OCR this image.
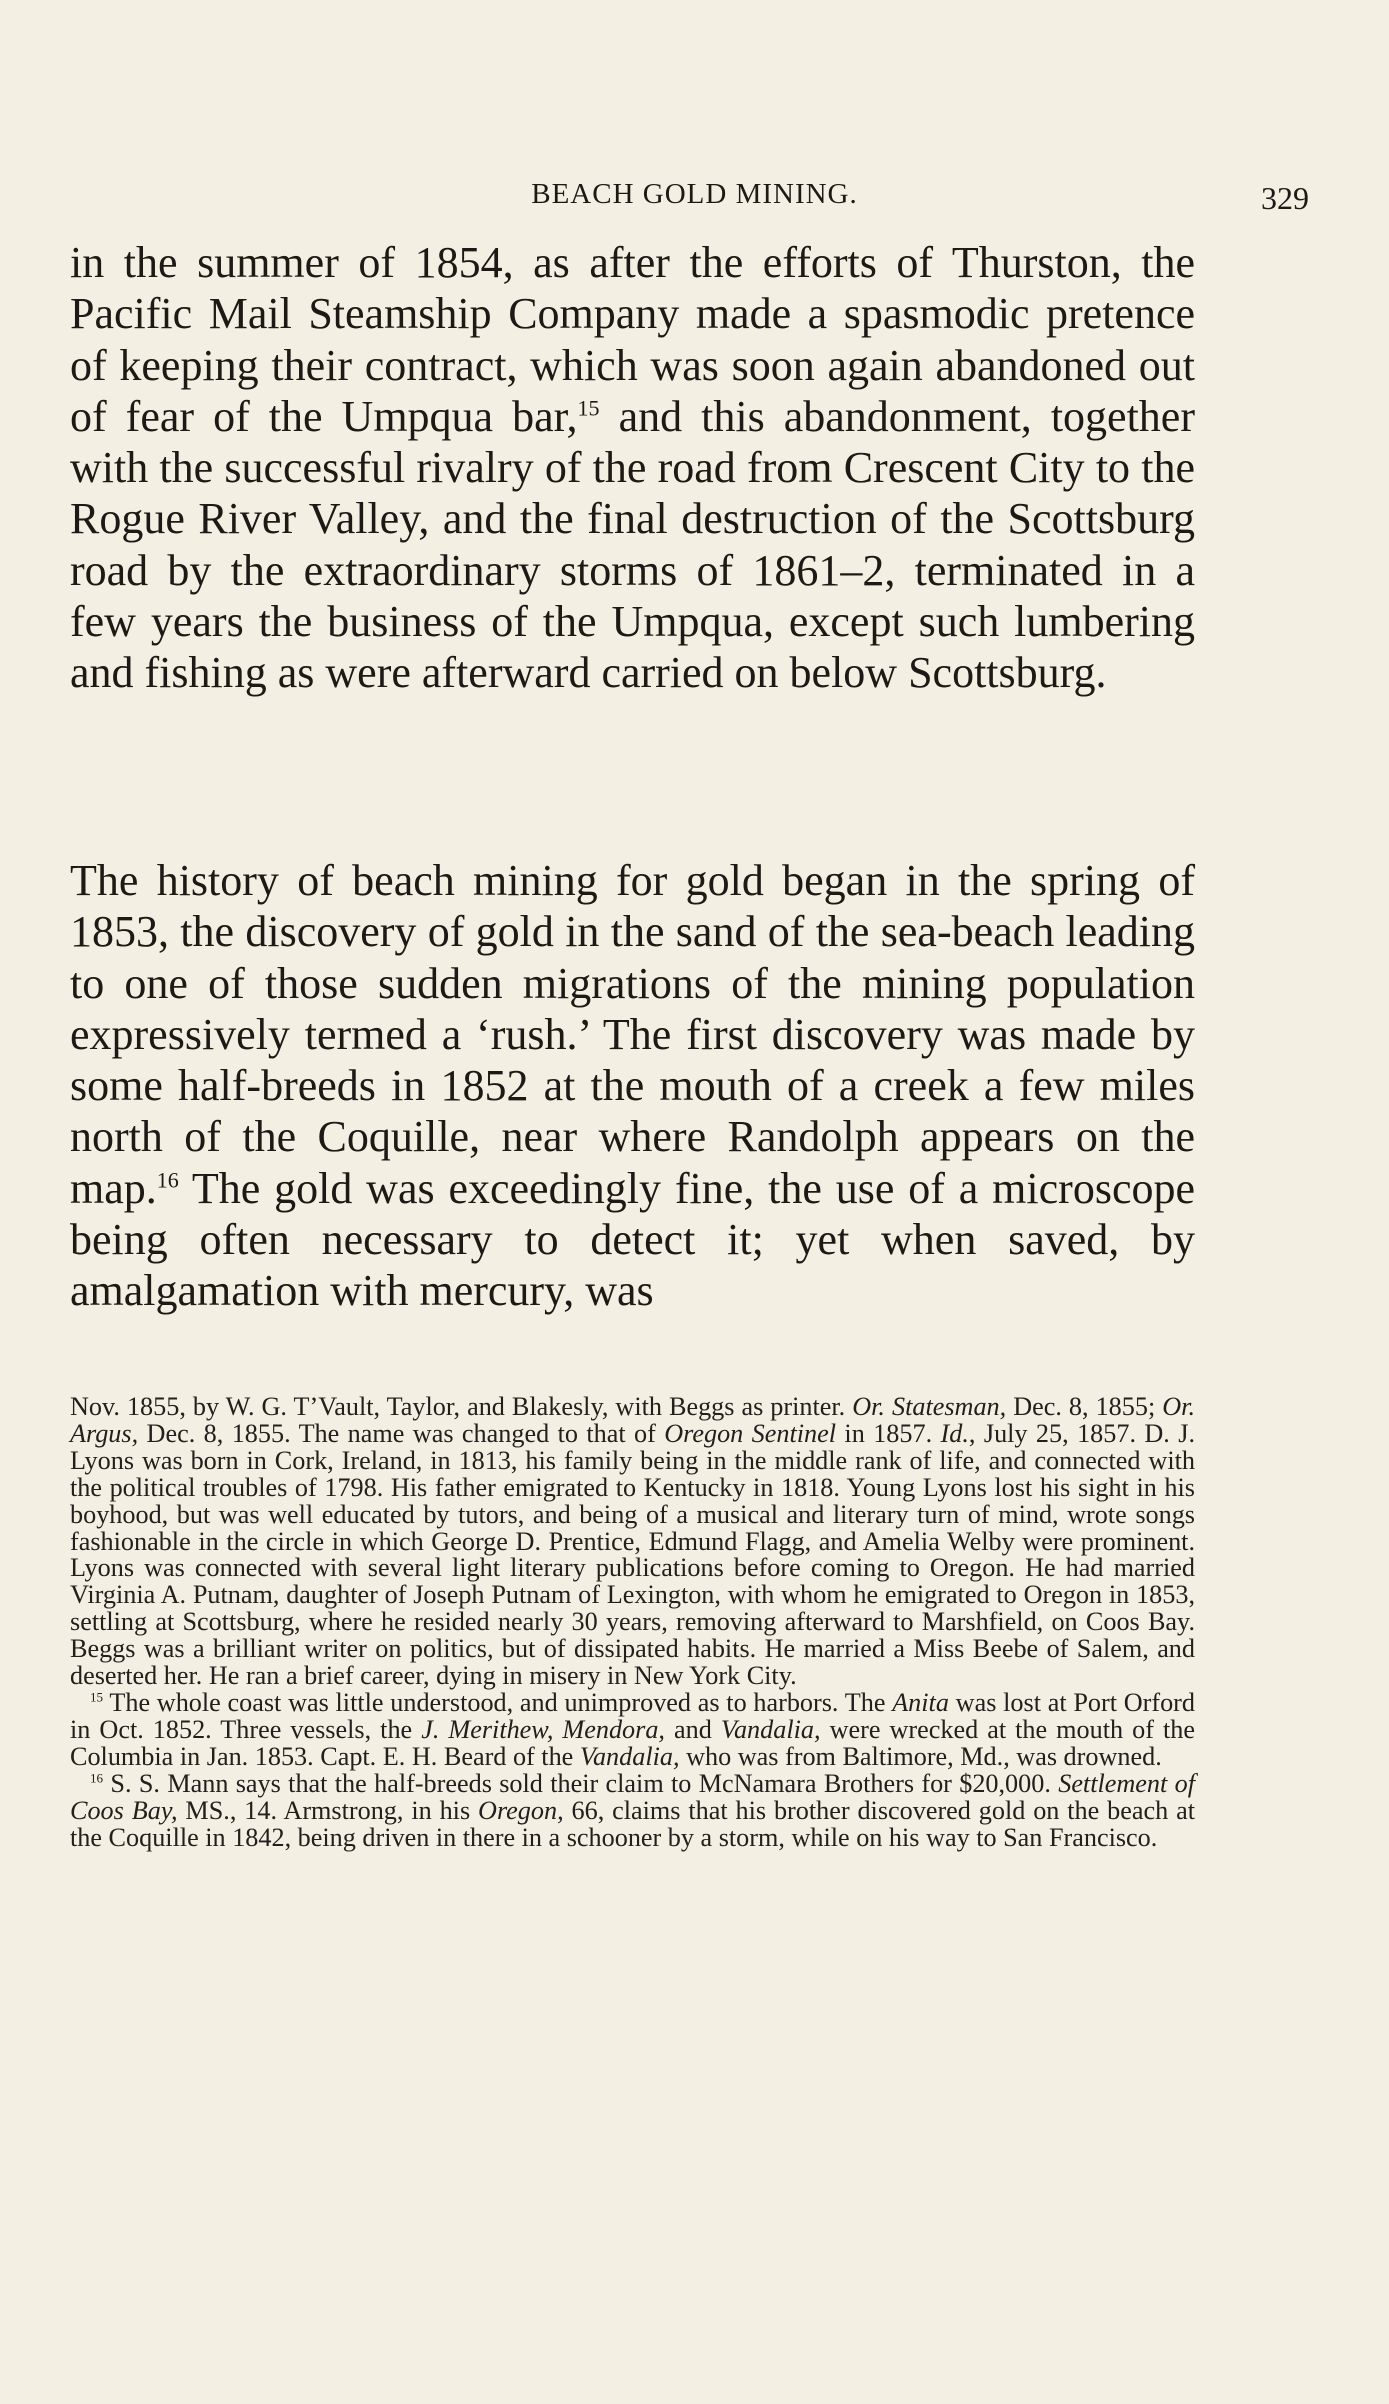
BEACH GOLD MINING.	329

in the summer of 1854, as after the efforts of Thurston, the Pacific Mail Steamship Company made a spasmodic pretence of keeping their contract, which was soon again abandoned out of fear of the Umpqua bar,$^{15}$ and this abandonment, together with the successful rivalry of the road from Crescent City to the Rogue River Valley, and the final destruction of the Scottsburg road by the extraordinary storms of 1861–2, terminated in a few years the business of the Umpqua, except such lumbering and fishing as were afterward carried on below Scottsburg.

The history of beach mining for gold began in the spring of 1853, the discovery of gold in the sand of the sea-beach leading to one of those sudden migrations of the mining population expressively termed a ‘rush.’ The first discovery was made by some half-breeds in 1852 at the mouth of a creek a few miles north of the Coquille, near where Randolph appears on the map.$^{16}$ The gold was exceedingly fine, the use of a microscope being often necessary to detect it; yet when saved, by amalgamation with mercury, was

Nov. 1855, by W. G. T’Vault, Taylor, and Blakesly, with Beggs as printer. Or. Statesman, Dec. 8, 1855; Or. Argus, Dec. 8, 1855. The name was changed to that of Oregon Sentinel in 1857. Id., July 25, 1857. D. J. Lyons was born in Cork, Ireland, in 1813, his family being in the middle rank of life, and connected with the political troubles of 1798. His father emigrated to Kentucky in 1818. Young Lyons lost his sight in his boyhood, but was well educated by tutors, and being of a musical and literary turn of mind, wrote songs fashionable in the circle in which George D. Prentice, Edmund Flagg, and Amelia Welby were prominent. Lyons was connected with several light literary publications before coming to Oregon. He had married Virginia A. Putnam, daughter of Joseph Putnam of Lexington, with whom he emigrated to Oregon in 1853, settling at Scottsburg, where he resided nearly 30 years, removing afterward to Marshfield, on Coos Bay. Beggs was a brilliant writer on politics, but of dissipated habits. He married a Miss Beebe of Salem, and deserted her. He ran a brief career, dying in misery in New York City.

$^{15}$ The whole coast was little understood, and unimproved as to harbors. The Anita was lost at Port Orford in Oct. 1852. Three vessels, the J. Merithew, Mendora, and Vandalia, were wrecked at the mouth of the Columbia in Jan. 1853. Capt. E. H. Beard of the Vandalia, who was from Baltimore, Md., was drowned.

$^{16}$ S. S. Mann says that the half-breeds sold their claim to McNamara Brothers for $20,000. Settlement of Coos Bay, MS., 14. Armstrong, in his Oregon, 66, claims that his brother discovered gold on the beach at the Coquille in 1842, being driven in there in a schooner by a storm, while on his way to San Francisco.
